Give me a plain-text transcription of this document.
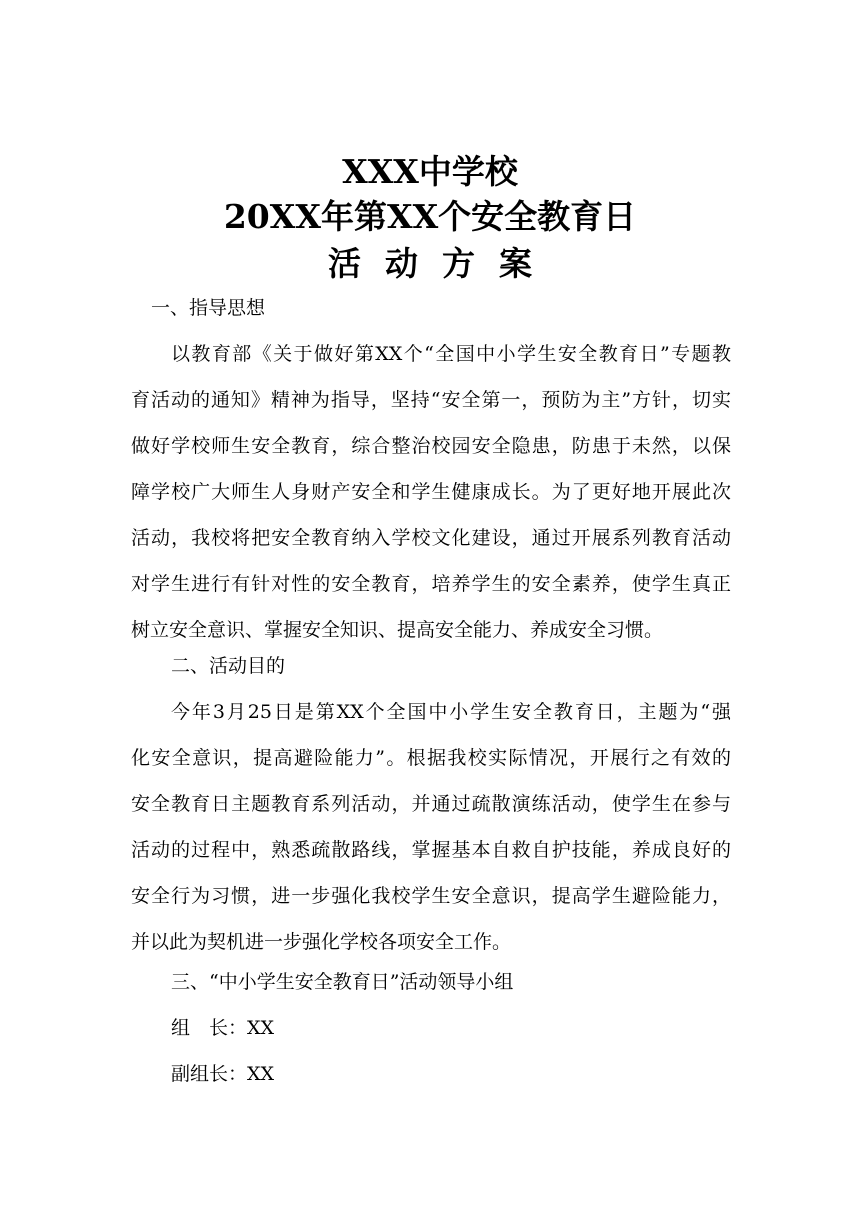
XXX中学校
20XX年第XX个安全教育日
活动方案
一、指导思想
以教育部《关于做好第XX个“全国中小学生安全教育日”专题教
育活动的通知》精神为指导，坚持“安全第一，预防为主”方针，切实
做好学校师生安全教育，综合整治校园安全隐患，防患于未然，以保
障学校广大师生人身财产安全和学生健康成长。为了更好地开展此次
活动，我校将把安全教育纳入学校文化建设，通过开展系列教育活动
对学生进行有针对性的安全教育，培养学生的安全素养，使学生真正
树立安全意识、掌握安全知识、提高安全能力、养成安全习惯。
二、活动目的
今年3月25日是第XX个全国中小学生安全教育日，主题为“强
化安全意识，提高避险能力”。根据我校实际情况，开展行之有效的
安全教育日主题教育系列活动，并通过疏散演练活动，使学生在参与
活动的过程中，熟悉疏散路线，掌握基本自救自护技能，养成良好的
安全行为习惯，进一步强化我校学生安全意识，提高学生避险能力，
并以此为契机进一步强化学校各项安全工作。
三、“中小学生安全教育日”活动领导小组
组　长：XX
副组长：XX
